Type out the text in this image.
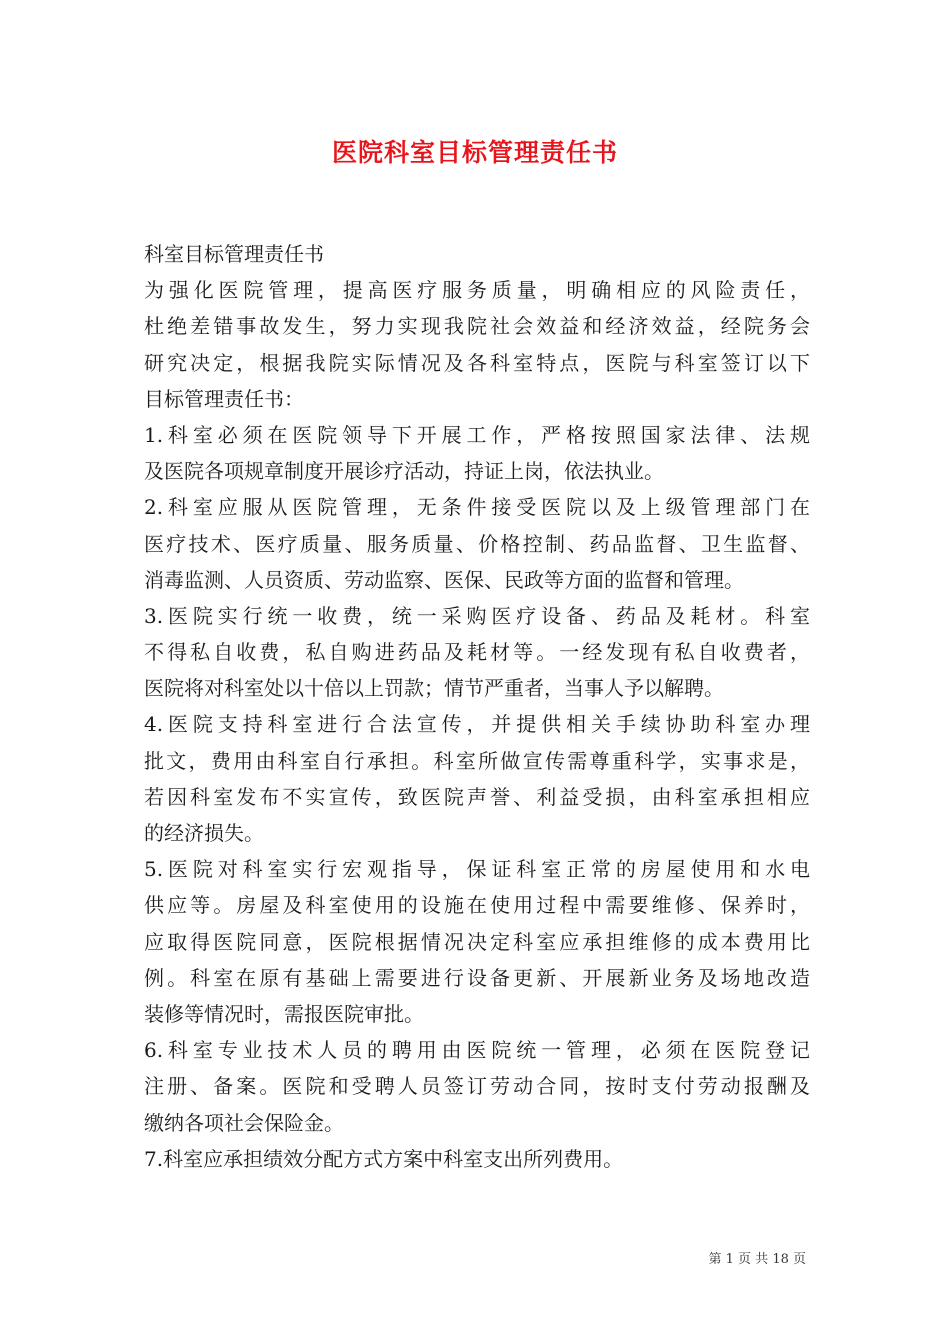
医院科室目标管理责任书

科室目标管理责任书

为强化医院管理，提高医疗服务质量，明确相应的风险责任，

杜绝差错事故发生，努力实现我院社会效益和经济效益，经院务会

研究决定，根据我院实际情况及各科室特点，医院与科室签订以下

目标管理责任书：

1.科室必须在医院领导下开展工作，严格按照国家法律、法规

及医院各项规章制度开展诊疗活动，持证上岗，依法执业。

2.科室应服从医院管理，无条件接受医院以及上级管理部门在

医疗技术、医疗质量、服务质量、价格控制、药品监督、卫生监督、

消毒监测、人员资质、劳动监察、医保、民政等方面的监督和管理。

3.医院实行统一收费，统一采购医疗设备、药品及耗材。科室

不得私自收费，私自购进药品及耗材等。一经发现有私自收费者，

医院将对科室处以十倍以上罚款；情节严重者，当事人予以解聘。

4.医院支持科室进行合法宣传，并提供相关手续协助科室办理

批文，费用由科室自行承担。科室所做宣传需尊重科学，实事求是，

若因科室发布不实宣传，致医院声誉、利益受损，由科室承担相应

的经济损失。

5.医院对科室实行宏观指导，保证科室正常的房屋使用和水电

供应等。房屋及科室使用的设施在使用过程中需要维修、保养时，

应取得医院同意，医院根据情况决定科室应承担维修的成本费用比

例。科室在原有基础上需要进行设备更新、开展新业务及场地改造

装修等情况时，需报医院审批。

6.科室专业技术人员的聘用由医院统一管理，必须在医院登记

注册、备案。医院和受聘人员签订劳动合同，按时支付劳动报酬及

缴纳各项社会保险金。

7.科室应承担绩效分配方式方案中科室支出所列费用。

第 1 页 共 18 页
